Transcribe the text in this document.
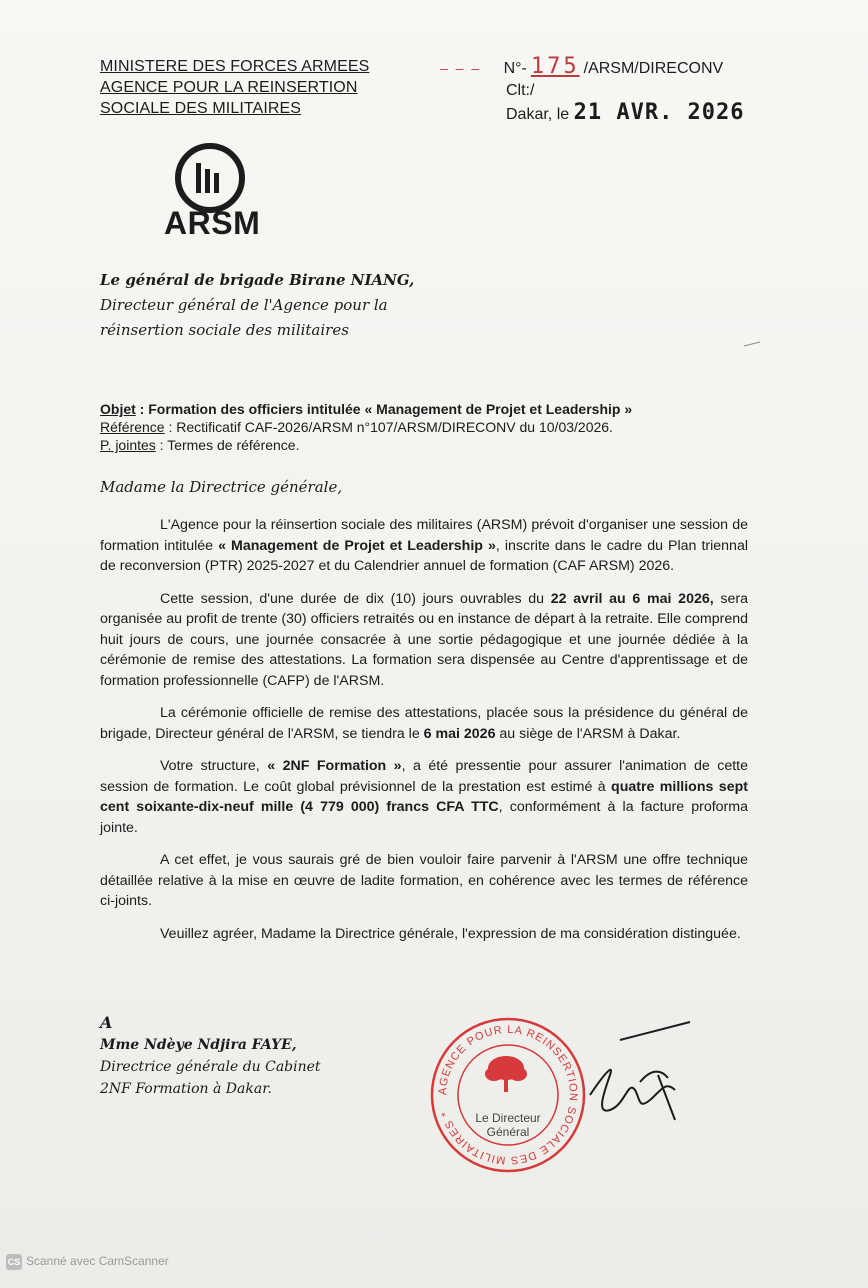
MINISTERE DES FORCES ARMEES
AGENCE POUR LA REINSERTION
SOCIALE DES MILITAIRES
– – – N°- 175 /ARSM/DIRECONV
Clt:/
Dakar, le 21 AVR. 2026
ARSM
Le général de brigade Birane NIANG,
Directeur général de l'Agence pour la
réinsertion sociale des militaires
Objet : Formation des officiers intitulée « Management de Projet et Leadership »
Référence : Rectificatif CAF-2026/ARSM n°107/ARSM/DIRECONV du 10/03/2026.
P. jointes : Termes de référence.
Madame la Directrice générale,

L'Agence pour la réinsertion sociale des militaires (ARSM) prévoit d'organiser une session de formation intitulée « Management de Projet et Leadership », inscrite dans le cadre du Plan triennal de reconversion (PTR) 2025-2027 et du Calendrier annuel de formation (CAF ARSM) 2026.

Cette session, d'une durée de dix (10) jours ouvrables du 22 avril au 6 mai 2026, sera organisée au profit de trente (30) officiers retraités ou en instance de départ à la retraite. Elle comprend huit jours de cours, une journée consacrée à une sortie pédagogique et une journée dédiée à la cérémonie de remise des attestations. La formation sera dispensée au Centre d'apprentissage et de formation professionnelle (CAFP) de l'ARSM.

La cérémonie officielle de remise des attestations, placée sous la présidence du général de brigade, Directeur général de l'ARSM, se tiendra le 6 mai 2026 au siège de l'ARSM à Dakar.

Votre structure, « 2NF Formation », a été pressentie pour assurer l'animation de cette session de formation. Le coût global prévisionnel de la prestation est estimé à quatre millions sept cent soixante-dix-neuf mille (4 779 000) francs CFA TTC, conformément à la facture proforma jointe.

A cet effet, je vous saurais gré de bien vouloir faire parvenir à l'ARSM une offre technique détaillée relative à la mise en œuvre de ladite formation, en cohérence avec les termes de référence ci-joints.

Veuillez agréer, Madame la Directrice générale, l'expression de ma considération distinguée.

A
Mme Ndèye Ndjira FAYE,
Directrice générale du Cabinet
2NF Formation à Dakar.	AGENCE POUR LA REINSERTION SOCIALE DES MILITAIRES *	Le Directeur
Général
CS Scanné avec CamScanner
